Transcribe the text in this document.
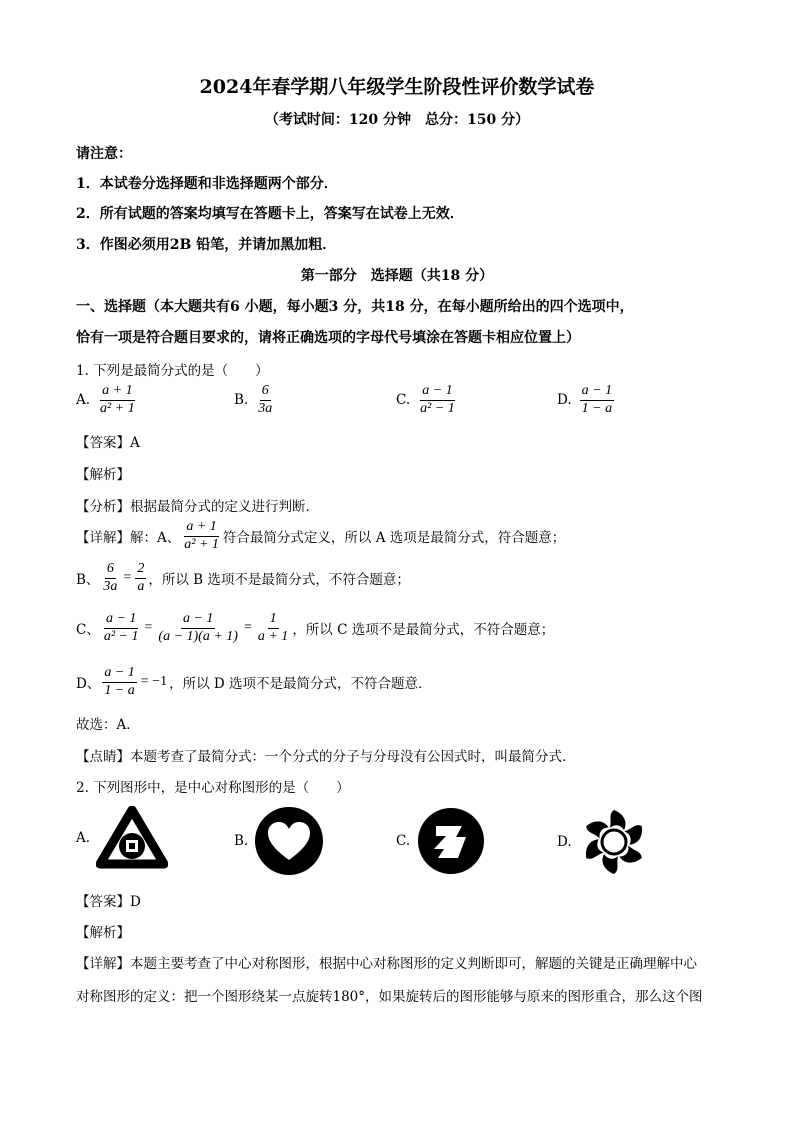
2024年春学期八年级学生阶段性评价数学试卷
（考试时间：120 分钟　总分：150 分）
请注意：
1．本试卷分选择题和非选择题两个部分．
2．所有试题的答案均填写在答题卡上，答案写在试卷上无效．
3．作图必须用2B 铅笔，并请加黑加粗．
第一部分　选择题（共18 分）
一、选择题（本大题共有6 小题，每小题3 分，共18 分，在每小题所给出的四个选项中，
恰有一项是符合题目要求的，请将正确选项的字母代号填涂在答题卡相应位置上）
1. 下列是最简分式的是（　　）
A. $\frac{a + 1}{\text{a² + 1}}$	B. $\frac{6}{3a}$	C. $\frac{a - 1}{\text{a² − 1}}$	D. $\frac{a - 1}{1 - a}$
【答案】A
【解析】
【分析】根据最简分式的定义进行判断．
【详解】解：A、 $\frac{a + 1}{\text{a² + 1}}$ 符合最简分式定义，所以 A 选项是最简分式，符合题意；
B、 $\frac{6}{3a} = \frac{2}{a}$ ，所以 B 选项不是最简分式，不符合题意；
C、 $\frac{a - 1}{\text{a² − 1}} = \frac{a - 1}{(a - 1)(a + 1)} = \frac{1}{a + 1}$ ，所以 C 选项不是最简分式，不符合题意；
D、 $\frac{a - 1}{1 - a} = -1$ ，所以 D 选项不是最简分式，不符合题意．
故选：A．
【点睛】本题考查了最简分式：一个分式的分子与分母没有公因式时，叫最简分式．
2. 下列图形中，是中心对称图形的是（　　）
A.	B.	C.	D.
【答案】D
【解析】
【详解】本题主要考查了中心对称图形，根据中心对称图形的定义判断即可，解题的关键是正确理解中心
对称图形的定义：把一个图形绕某一点旋转180°，如果旋转后的图形能够与原来的图形重合，那么这个图
